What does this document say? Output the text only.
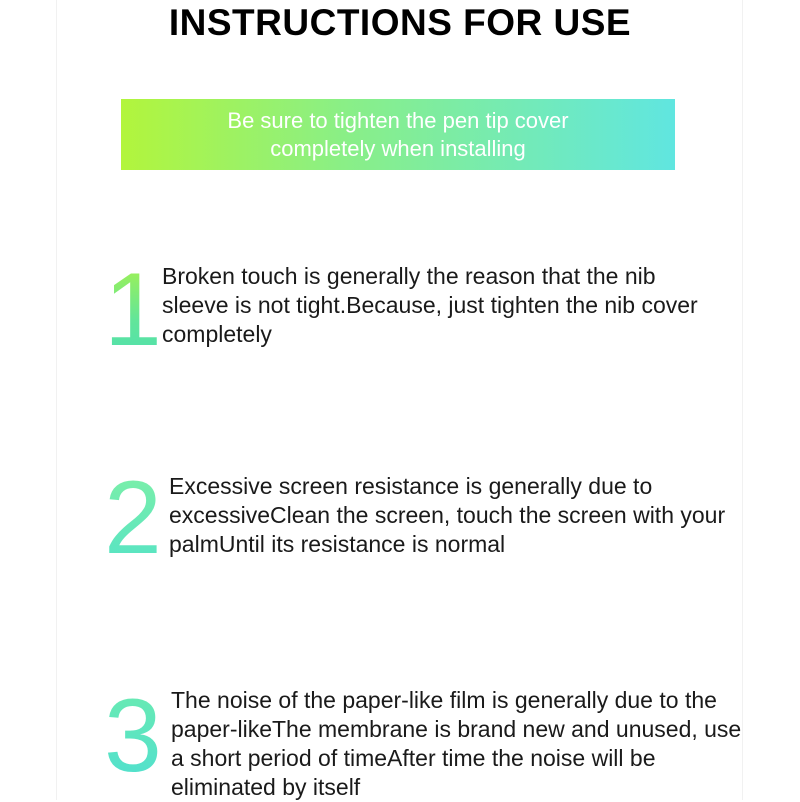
INSTRUCTIONS FOR USE
Be sure to tighten the pen tip cover completely when installing
1 Broken touch is generally the reason that the nib sleeve is not tight.Because, just tighten the nib cover completely
2 Excessive screen resistance is generally due to excessiveClean the screen, touch the screen with your palmUntil its resistance is normal
3 The noise of the paper-like film is generally due to the paper-likeThe membrane is brand new and unused, use a short period of timeAfter time the noise will be eliminated by itself
